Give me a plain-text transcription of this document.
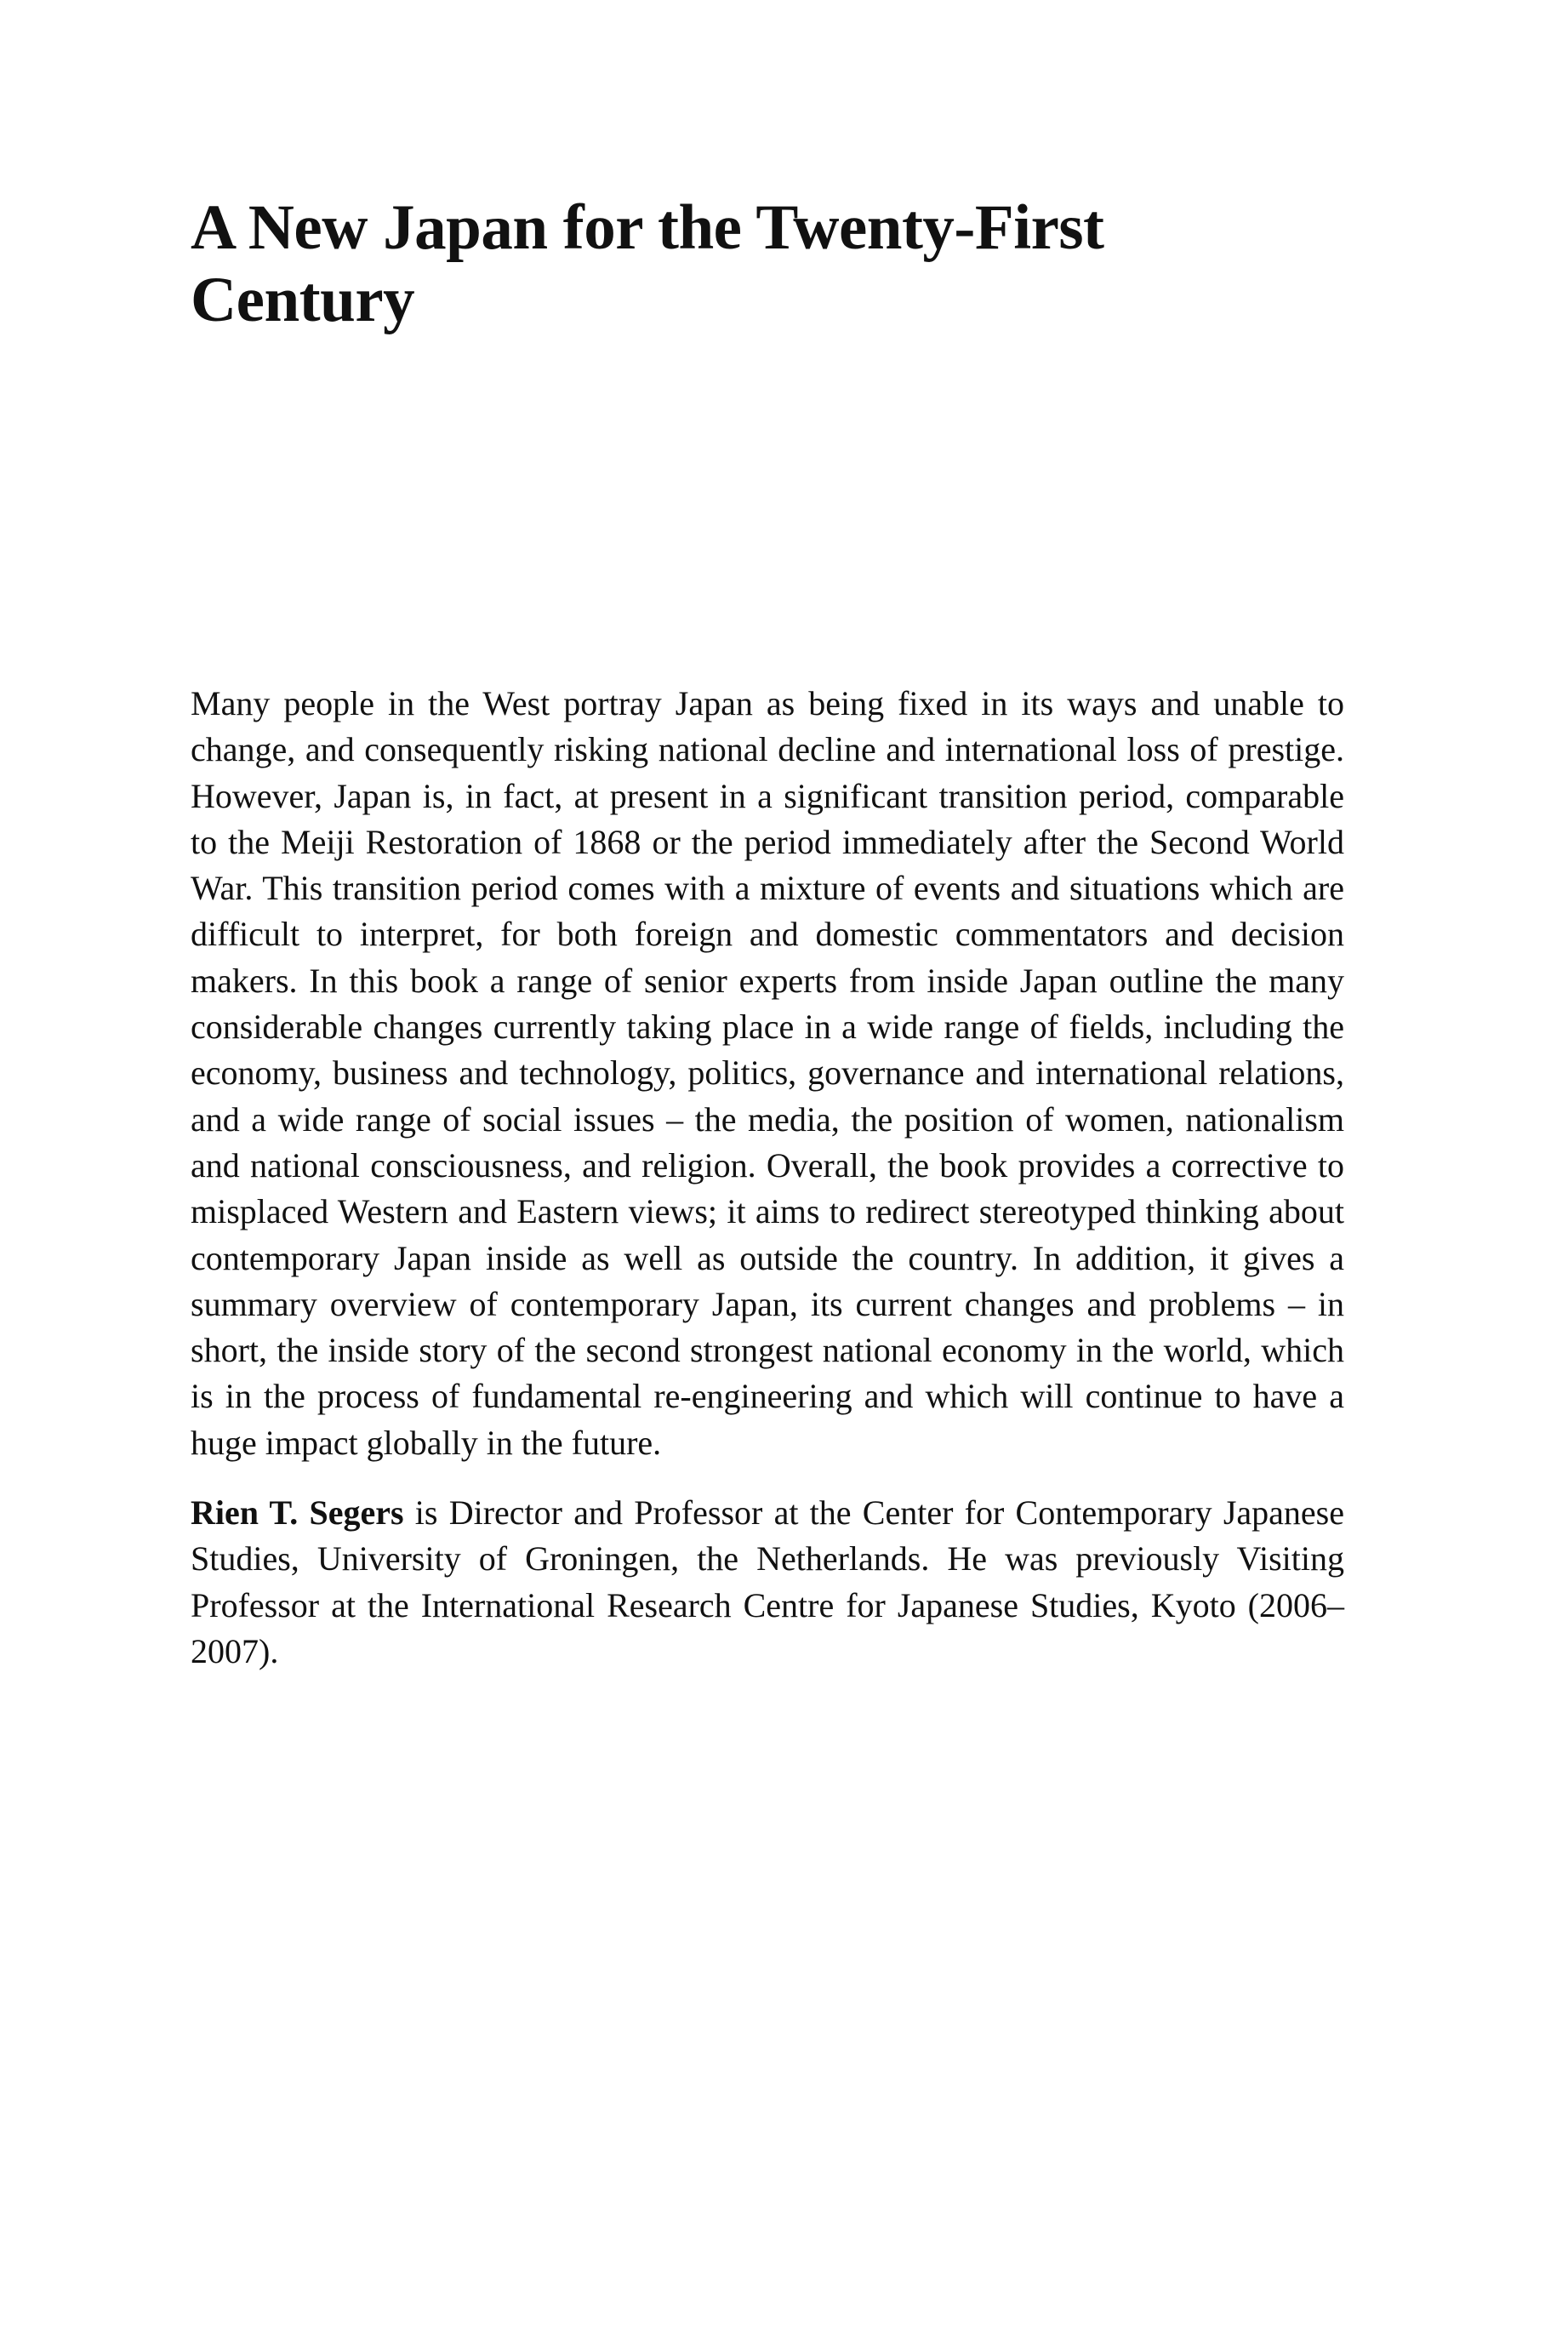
A New Japan for the Twenty-First
Century

Many people in the West portray Japan as being fixed in its ways and unable to change, and consequently risking national decline and international loss of prestige. However, Japan is, in fact, at present in a significant transition period, comparable to the Meiji Restoration of 1868 or the period immediately after the Second World War. This transition period comes with a mixture of events and situations which are difficult to interpret, for both foreign and domestic commentators and decision makers. In this book a range of senior experts from inside Japan outline the many considerable changes currently taking place in a wide range of fields, including the economy, business and technology, politics, governance and international relations, and a wide range of social issues – the media, the position of women, nationalism and national consciousness, and religion. Overall, the book provides a corrective to misplaced Western and Eastern views; it aims to redirect stereotyped thinking about contemporary Japan inside as well as outside the country. In addition, it gives a summary overview of contemporary Japan, its current changes and problems – in short, the inside story of the second strongest national economy in the world, which is in the process of fundamental re-engineering and which will continue to have a huge impact globally in the future.

Rien T. Segers is Director and Professor at the Center for Contemporary Japanese Studies, University of Groningen, the Netherlands. He was previously Visiting Professor at the International Research Centre for Japanese Studies, Kyoto (2006–2007).
